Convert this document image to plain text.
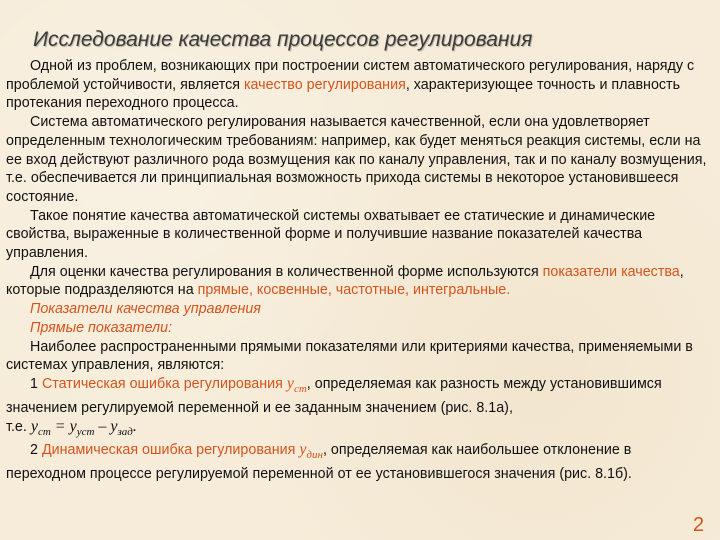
Исследование качества процессов регулирования

Одной из проблем, возникающих при построении систем автоматического регулирования, наряду с проблемой устойчивости, является качество регулирования, характеризующее точность и плавность протекания переходного процесса.

Система автоматического регулирования называется качественной, если она удовлетворяет определенным технологическим требованиям: например, как будет меняться реакция системы, если на ее вход действуют различного рода возмущения как по каналу управления, так и по каналу возмущения, т.е. обеспечивается ли принципиальная возможность прихода системы в некоторое установившееся состояние.

Такое понятие качества автоматической системы охватывает ее статические и динамические свойства, выраженные в количественной форме и получившие название показателей качества управления.

Для оценки качества регулирования в количественной форме используются показатели качества, которые подразделяются на прямые, косвенные, частотные, интегральные.

Показатели качества управления

Прямые показатели:

Наиболее распространенными прямыми показателями или критериями качества, применяемыми в системах управления, являются:

1 Статическая ошибка регулирования $y_{ст}$, определяемая как разность между установившимся значением регулируемой переменной и ее заданным значением (рис. 8.1а),

т.е. $y_{ст} = y_{уст} - y_{зад}$.

2 Динамическая ошибка регулирования $y_{дин}$, определяемая как наибольшее отклонение в переходном процессе регулируемой переменной от ее установившегося значения (рис. 8.1б).

2
